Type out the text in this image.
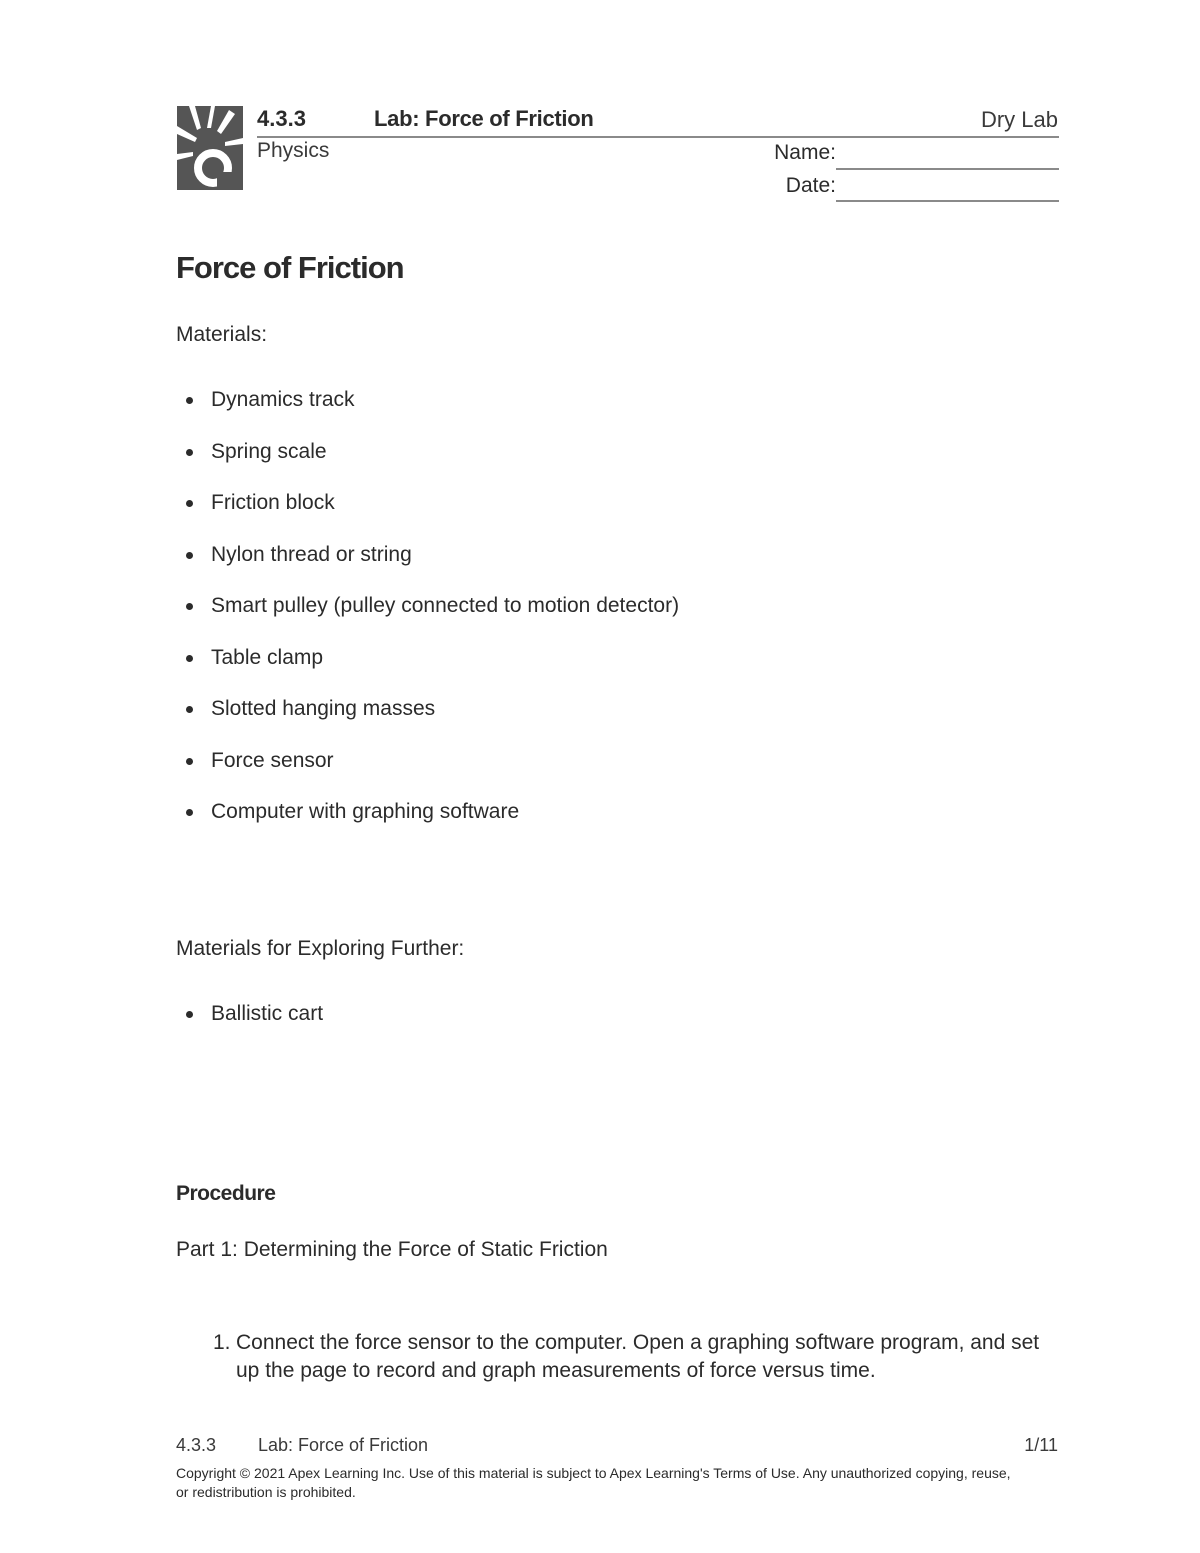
4.3.3	Lab: Force of Friction	Dry Lab
Physics	Name:
Date:
Force of Friction
Materials:
Dynamics track
Spring scale
Friction block
Nylon thread or string
Smart pulley (pulley connected to motion detector)
Table clamp
Slotted hanging masses
Force sensor
Computer with graphing software
Materials for Exploring Further:
Ballistic cart
Procedure
Part 1: Determining the Force of Static Friction
1. Connect the force sensor to the computer. Open a graphing software program, and set up the page to record and graph measurements of force versus time.
4.3.3 Lab: Force of Friction	1/11
Copyright © 2021 Apex Learning Inc. Use of this material is subject to Apex Learning's Terms of Use. Any unauthorized copying, reuse, or redistribution is prohibited.
